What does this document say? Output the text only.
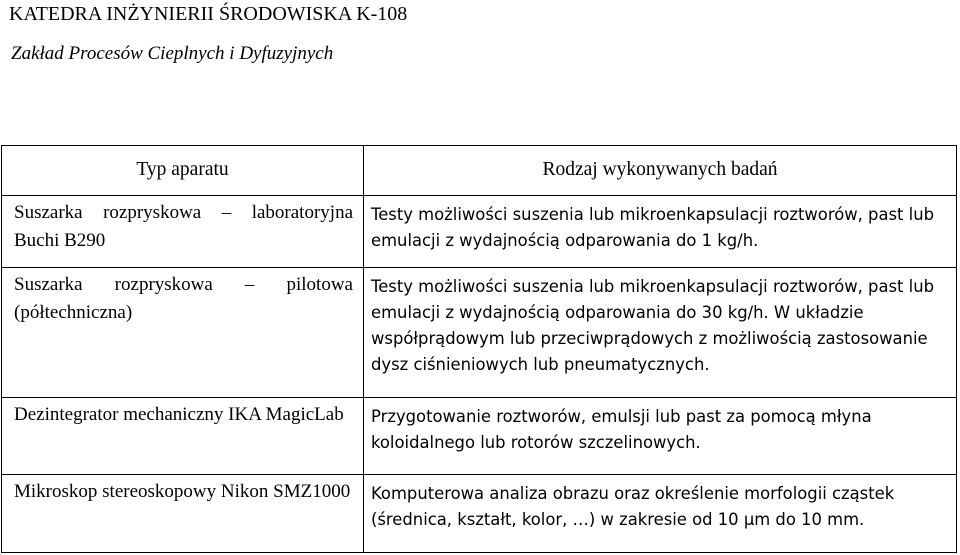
KATEDRA INŻYNIERII ŚRODOWISKA K-108
Zakład Procesów Cieplnych i Dyfuzyjnych
Typ aparatu	Rodzaj wykonywanych badań
Suszarka rozpryskowa – laboratoryjna Buchi B290	Testy możliwości suszenia lub mikroenkapsulacji roztworów, past lub emulacji z wydajnością odparowania do 1 kg/h.
Suszarka rozpryskowa – pilotowa (półtechniczna)	Testy możliwości suszenia lub mikroenkapsulacji roztworów, past lub emulacji z wydajnością odparowania do 30 kg/h. W układzie współprądowym lub przeciwprądowych z możliwością zastosowanie dysz ciśnieniowych lub pneumatycznych.
Dezintegrator mechaniczny IKA MagicLab	Przygotowanie roztworów, emulsji lub past za pomocą młyna koloidalnego lub rotorów szczelinowych.
Mikroskop stereoskopowy Nikon SMZ1000	Komputerowa analiza obrazu oraz określenie morfologii cząstek (średnica, kształt, kolor, …) w zakresie od 10 μm do 10 mm.
